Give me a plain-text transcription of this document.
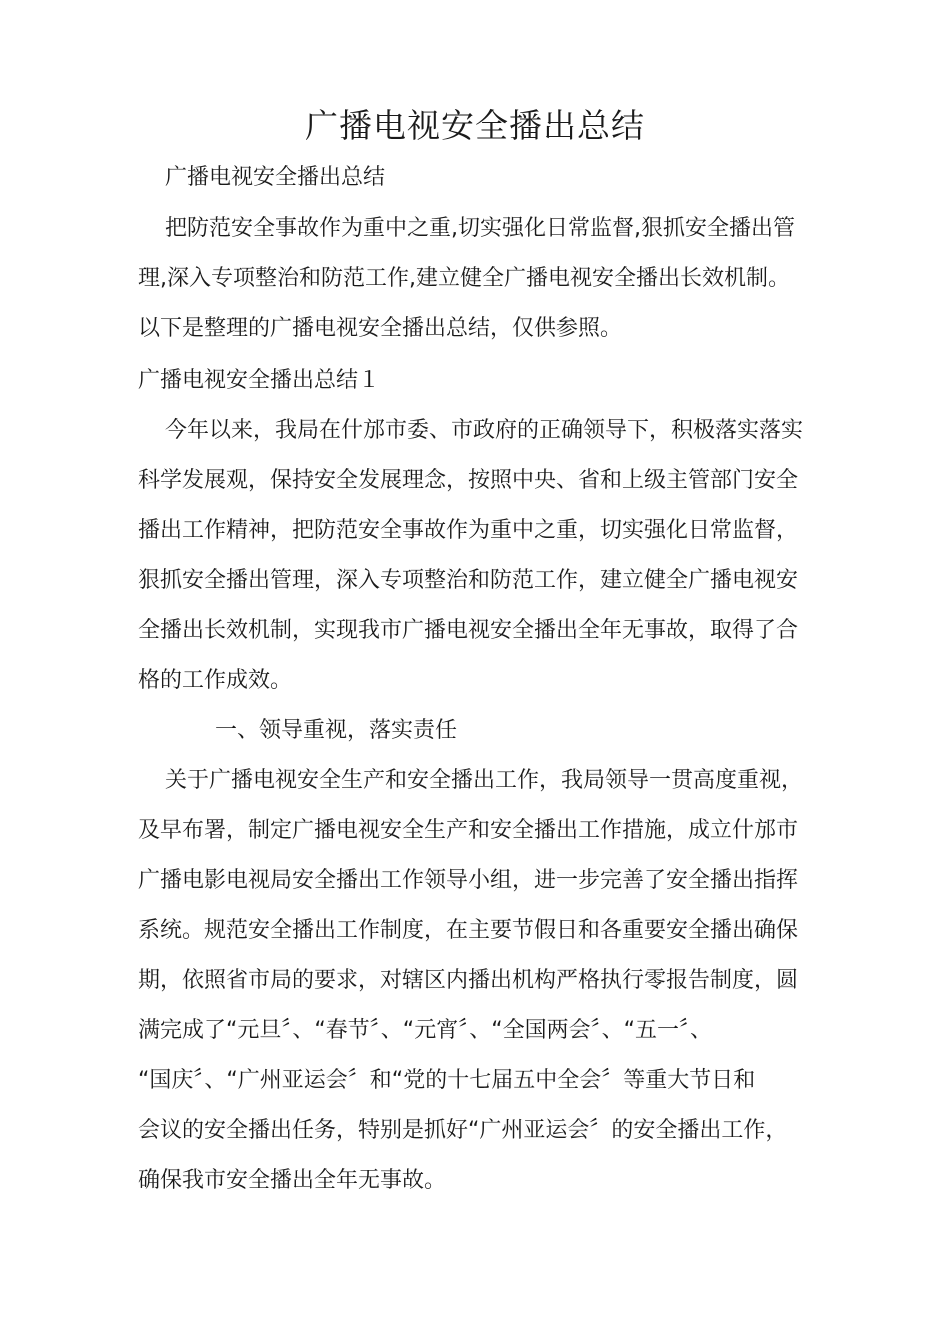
广播电视安全播出总结
广播电视安全播出总结
把防范安全事故作为重中之重,切实强化日常监督,狠抓安全播出管
理,深入专项整治和防范工作,建立健全广播电视安全播出长效机制。
以下是整理的广播电视安全播出总结，仅供参照。
广播电视安全播出总结１
今年以来，我局在什邡市委、市政府的正确领导下，积极落实落实
科学发展观，保持安全发展理念，按照中央、省和上级主管部门安全
播出工作精神，把防范安全事故作为重中之重，切实强化日常监督，
狠抓安全播出管理，深入专项整治和防范工作，建立健全广播电视安
全播出长效机制，实现我市广播电视安全播出全年无事故，取得了合
格的工作成效。
一、领导重视，落实责任
关于广播电视安全生产和安全播出工作，我局领导一贯高度重视，
及早布署，制定广播电视安全生产和安全播出工作措施，成立什邡市
广播电影电视局安全播出工作领导小组，进一步完善了安全播出指挥
系统。规范安全播出工作制度，在主要节假日和各重要安全播出确保
期，依照省市局的要求，对辖区内播出机构严格执行零报告制度，圆
满完成了“元旦〞、“春节〞、“元宵〞、“全国两会〞、“五一〞、
“国庆〞、“广州亚运会〞和“党的十七届五中全会〞等重大节日和
会议的安全播出任务，特别是抓好“广州亚运会〞的安全播出工作，
确保我市安全播出全年无事故。
